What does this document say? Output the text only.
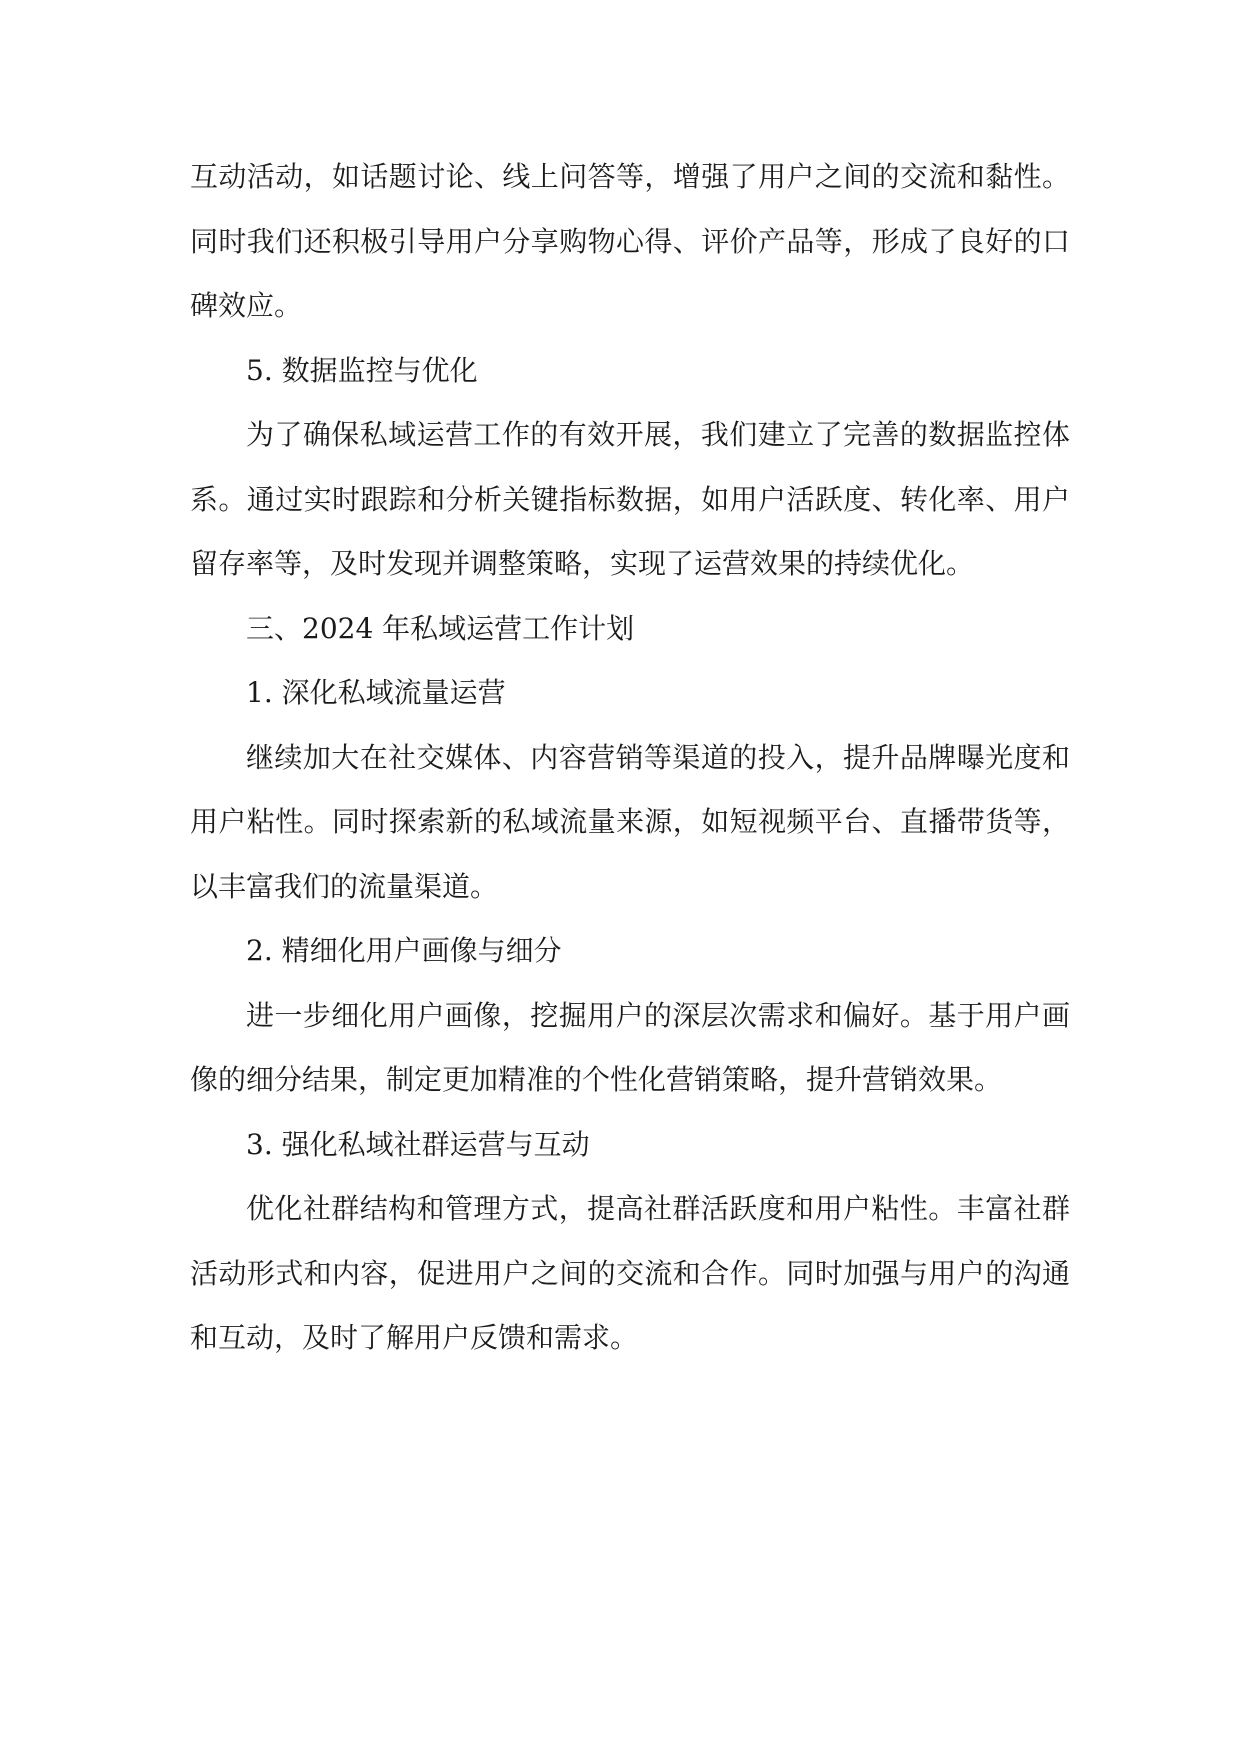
互动活动，如话题讨论、线上问答等，增强了用户之间的交流和黏性。同时我们还积极引导用户分享购物心得、评价产品等，形成了良好的口碑效应。

5. 数据监控与优化

为了确保私域运营工作的有效开展，我们建立了完善的数据监控体系。通过实时跟踪和分析关键指标数据，如用户活跃度、转化率、用户留存率等，及时发现并调整策略，实现了运营效果的持续优化。

三、2024 年私域运营工作计划

1. 深化私域流量运营

继续加大在社交媒体、内容营销等渠道的投入，提升品牌曝光度和用户粘性。同时探索新的私域流量来源，如短视频平台、直播带货等，以丰富我们的流量渠道。

2. 精细化用户画像与细分

进一步细化用户画像，挖掘用户的深层次需求和偏好。基于用户画像的细分结果，制定更加精准的个性化营销策略，提升营销效果。

3. 强化私域社群运营与互动

优化社群结构和管理方式，提高社群活跃度和用户粘性。丰富社群活动形式和内容，促进用户之间的交流和合作。同时加强与用户的沟通和互动，及时了解用户反馈和需求。
